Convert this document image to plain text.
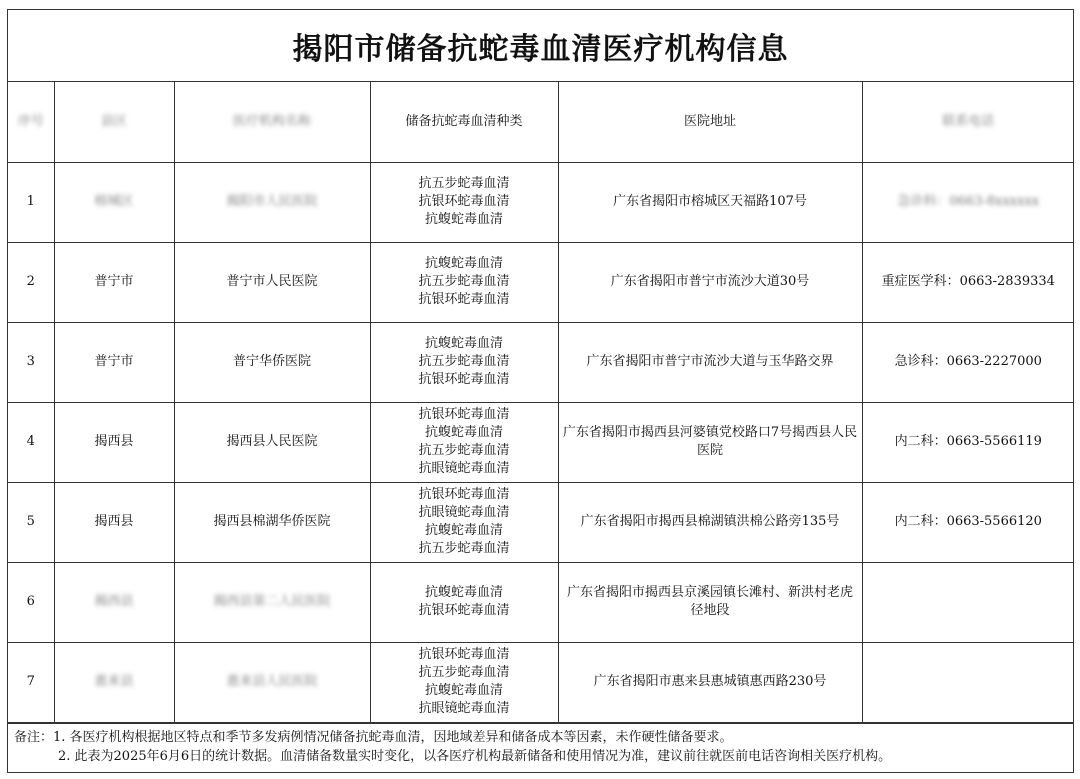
揭阳市储备抗蛇毒血清医疗机构信息
序号	县区	医疗机构名称	储备抗蛇毒血清种类	医院地址	联系电话
1	榕城区	揭阳市人民医院	抗五步蛇毒血清
抗银环蛇毒血清
抗蝮蛇毒血清	广东省揭阳市榕城区天福路107号	急诊科：0663-8xxxxxx
2	普宁市	普宁市人民医院	抗蝮蛇毒血清
抗五步蛇毒血清
抗银环蛇毒血清	广东省揭阳市普宁市流沙大道30号	重症医学科：0663-2839334
3	普宁市	普宁华侨医院	抗蝮蛇毒血清
抗五步蛇毒血清
抗银环蛇毒血清	广东省揭阳市普宁市流沙大道与玉华路交界	急诊科：0663-2227000
4	揭西县	揭西县人民医院	抗银环蛇毒血清
抗蝮蛇毒血清
抗五步蛇毒血清
抗眼镜蛇毒血清	广东省揭阳市揭西县河婆镇党校路口7号揭西县人民医院	内二科：0663-5566119
5	揭西县	揭西县棉湖华侨医院	抗银环蛇毒血清
抗眼镜蛇毒血清
抗蝮蛇毒血清
抗五步蛇毒血清	广东省揭阳市揭西县棉湖镇洪棉公路旁135号	内二科：0663-5566120
6	揭西县	揭西县第二人民医院	抗蝮蛇毒血清
抗银环蛇毒血清	广东省揭阳市揭西县京溪园镇长滩村、新洪村老虎径地段	
7	惠来县	惠来县人民医院	抗银环蛇毒血清
抗五步蛇毒血清
抗蝮蛇毒血清
抗眼镜蛇毒血清	广东省揭阳市惠来县惠城镇惠西路230号	
备注：1. 各医疗机构根据地区特点和季节多发病例情况储备抗蛇毒血清，因地域差异和储备成本等因素，未作硬性储备要求。
2. 此表为2025年6月6日的统计数据。血清储备数量实时变化，以各医疗机构最新储备和使用情况为准，建议前往就医前电话咨询相关医疗机构。
